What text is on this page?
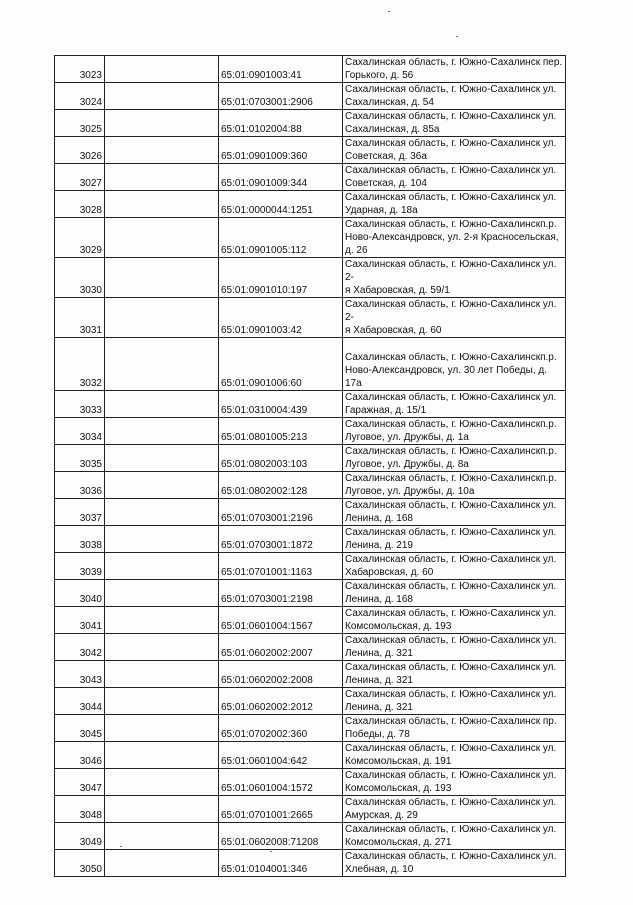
3023		65:01:0901003:41	Сахалинская область, г. Южно-Сахалинск пер.
Горького, д. 56
3024		65:01:0703001:2906	Сахалинская область, г. Южно-Сахалинск ул.
Сахалинская, д. 54
3025		65:01:0102004:88	Сахалинская область, г. Южно-Сахалинск ул.
Сахалинская, д. 85а
3026		65:01:0901009:360	Сахалинская область, г. Южно-Сахалинск ул.
Советская, д. 36а
3027		65:01:0901009:344	Сахалинская область, г. Южно-Сахалинск ул.
Советская, д. 104
3028		65:01:0000044:1251	Сахалинская область, г. Южно-Сахалинск ул.
Ударная, д. 18а
3029		65:01:0901005:112	Сахалинская область, г. Южно-Сахалинскп.р.
Ново-Александровск, ул. 2-я Красносельская,
д. 26
3030		65:01:0901010:197	Сахалинская область, г. Южно-Сахалинск ул. 2-
я Хабаровская, д. 59/1
3031		65:01:0901003:42	Сахалинская область, г. Южно-Сахалинск ул. 2-
я Хабаровская, д. 60
3032		65:01:0901006:60	Сахалинская область, г. Южно-Сахалинскп.р.
Ново-Александровск, ул. 30 лет Победы, д. 17а
3033		65:01:0310004:439	Сахалинская область, г. Южно-Сахалинск ул.
Гаражная, д. 15/1
3034		65:01:0801005:213	Сахалинская область, г. Южно-Сахалинскп.р.
Луговое, ул. Дружбы, д. 1а
3035		65:01:0802003:103	Сахалинская область, г. Южно-Сахалинскп.р.
Луговое, ул. Дружбы, д. 8а
3036		65:01:0802002:128	Сахалинская область, г. Южно-Сахалинскп.р.
Луговое, ул. Дружбы, д. 10а
3037		65:01:0703001:2196	Сахалинская область, г. Южно-Сахалинск ул.
Ленина, д. 168
3038		65:01:0703001:1872	Сахалинская область, г. Южно-Сахалинск ул.
Ленина, д. 219
3039		65:01:0701001:1163	Сахалинская область, г. Южно-Сахалинск ул.
Хабаровская, д. 60
3040		65:01:0703001:2198	Сахалинская область, г. Южно-Сахалинск ул.
Ленина, д. 168
3041		65:01:0601004:1567	Сахалинская область, г. Южно-Сахалинск ул.
Комсомольская, д. 193
3042		65:01:0602002:2007	Сахалинская область, г. Южно-Сахалинск ул.
Ленина, д. 321
3043		65:01:0602002:2008	Сахалинская область, г. Южно-Сахалинск ул.
Ленина, д. 321
3044		65:01:0602002:2012	Сахалинская область, г. Южно-Сахалинск ул.
Ленина, д. 321
3045		65:01:0702002:360	Сахалинская область, г. Южно-Сахалинск пр.
Победы, д. 78
3046		65:01:0601004:642	Сахалинская область, г. Южно-Сахалинск ул.
Комсомольская, д. 191
3047		65:01:0601004:1572	Сахалинская область, г. Южно-Сахалинск ул.
Комсомольская, д. 193
3048		65:01:0701001:2665	Сахалинская область, г. Южно-Сахалинск ул.
Амурская, д. 29
3049		65:01:0602008:71208	Сахалинская область, г. Южно-Сахалинск ул.
Комсомольская, д. 271
3050		65:01:0104001:346	Сахалинская область, г. Южно-Сахалинск ул.
Хлебная, д. 10
